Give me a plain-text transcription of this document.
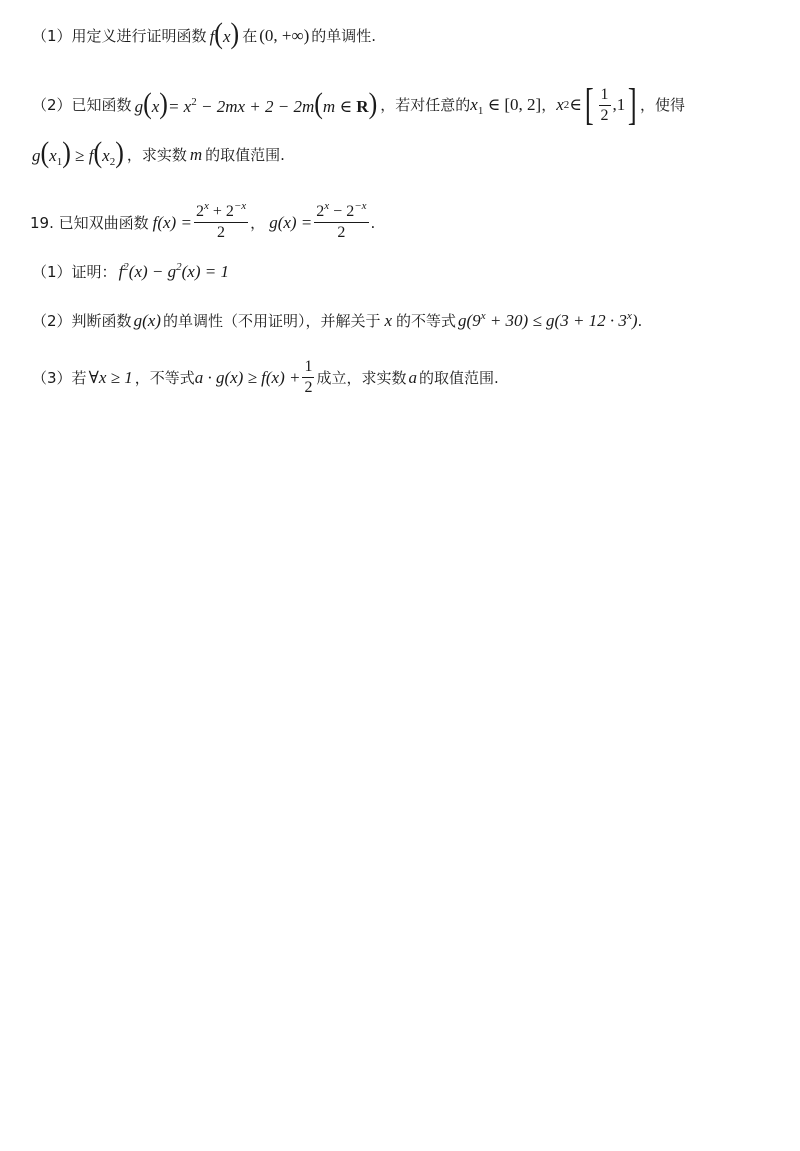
（1） 用定义进行证明函数 f(x) 在 (0, +∞) 的单调性.
（2） 已知函数 $g(x)= x^2 - 2mx + 2 - 2m(m$ ∈ R) ，若对任意的 $x_1$ ∈ [0, 2] ， x 2 ∈ [ $\frac{1}{2} ,1$ ] ，使得
$g(x_1) \ge f(x_2)$ ，求实数 m 的取值范围.
19. 已知双曲函数 $f(x) = \frac{2^x + 2^{-x}}{2}$ ， $g(x) = \frac{2^x - 2^{-x}}{2}$ .
（1） 证明： $f^2(x) - g^2(x) = 1$
（2） 判断函数 g(x) 的单调性（不用证明），并解关于 x 的不等式 $g(9^x + 30) \le g(3 + 12 \cdot 3^x)$ .
（3） 若 ∀x ≥ 1 ，不等式 $a \cdot g(x) \ge f(x) + \frac{1}{2}$ 成立，求实数 a 的取值范围.
